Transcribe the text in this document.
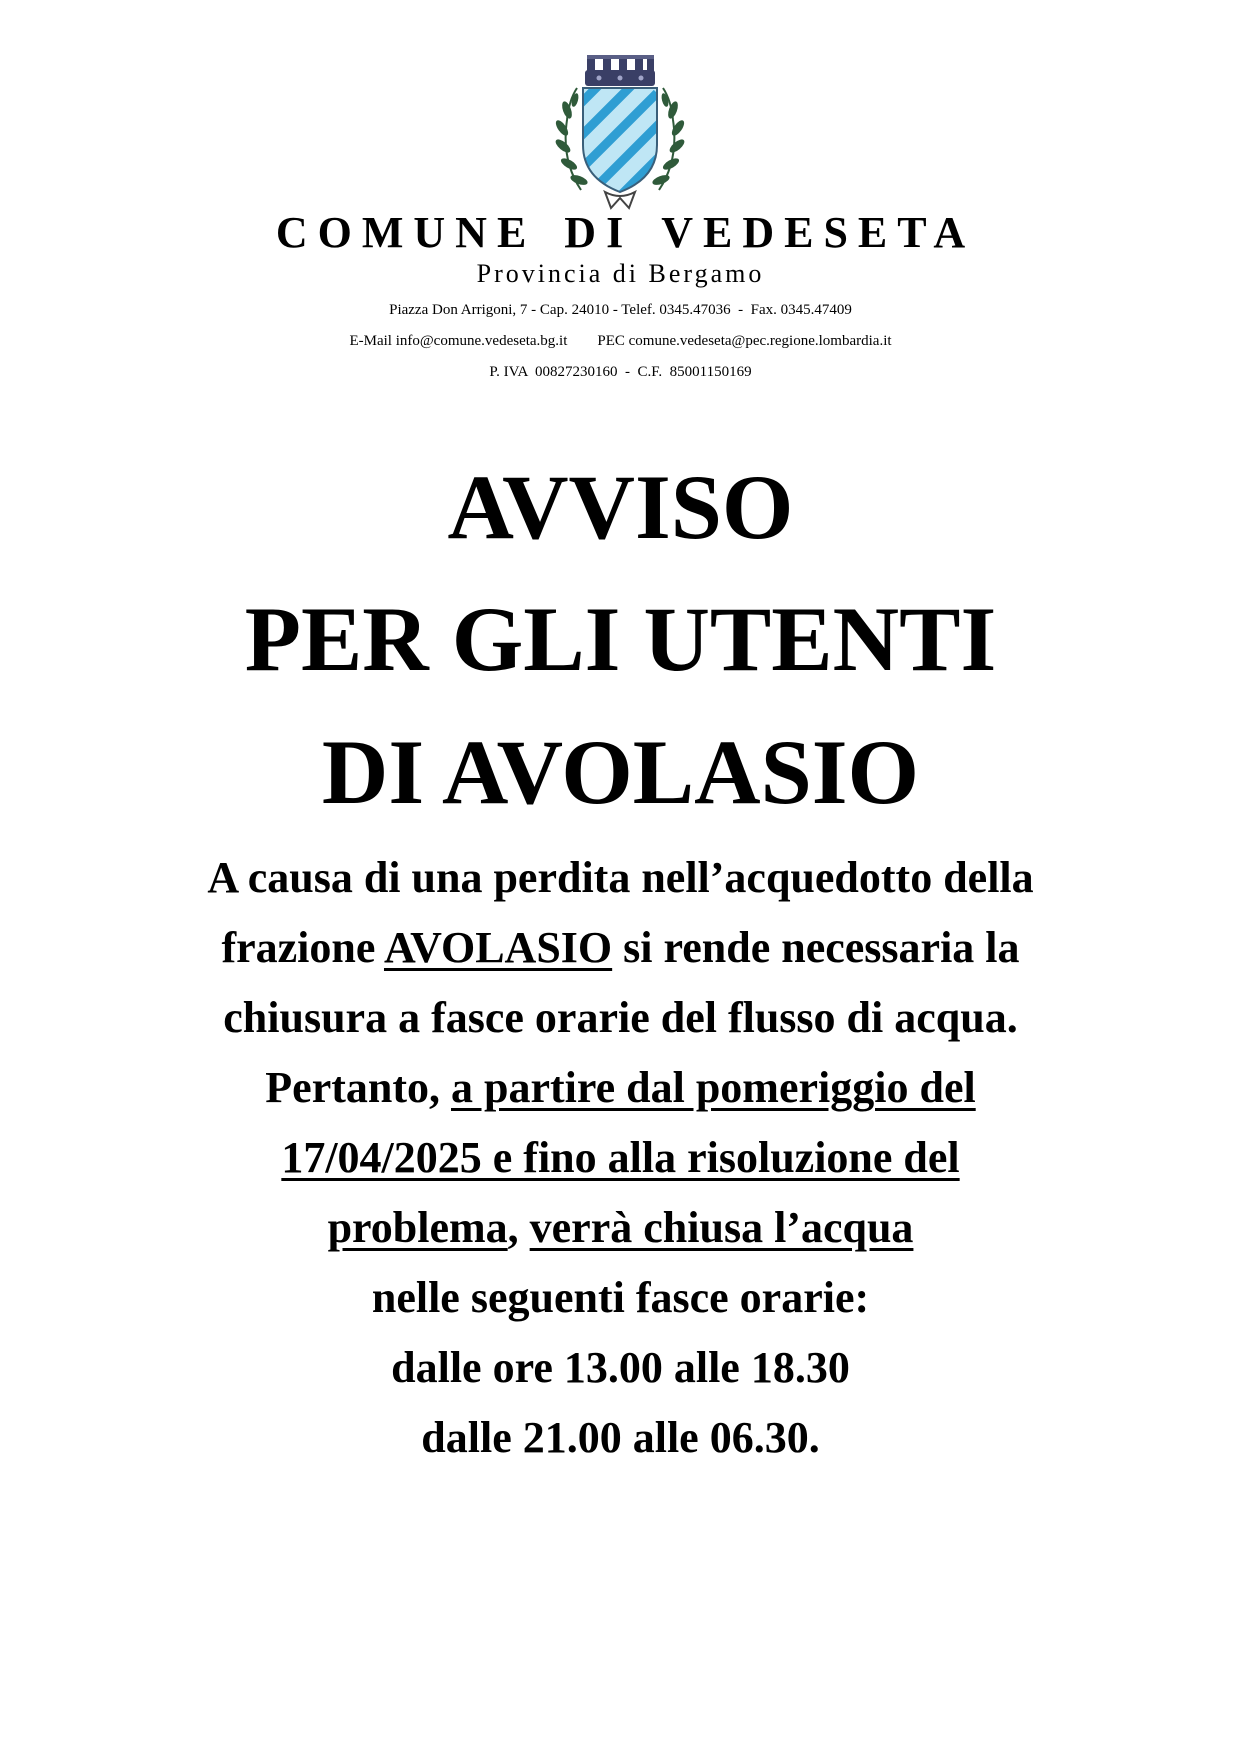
COMUNE DI VEDESETA
Provincia di Bergamo
Piazza Don Arrigoni, 7 - Cap. 24010 - Telef. 0345.47036  -  Fax. 0345.47409
E-Mail info@comune.vedeseta.bg.it PEC comune.vedeseta@pec.regione.lombardia.it
P. IVA  00827230160  -  C.F.  85001150169
AVVISO
PER GLI UTENTI
DI AVOLASIO
A causa di una perdita nell’acquedotto della
frazione AVOLASIO si rende necessaria la
chiusura a fasce orarie del flusso di acqua.
Pertanto, a partire dal pomeriggio del
17/04/2025 e fino alla risoluzione del
problema, verrà chiusa l’acqua
nelle seguenti fasce orarie:
dalle ore 13.00 alle 18.30
dalle 21.00 alle 06.30.
